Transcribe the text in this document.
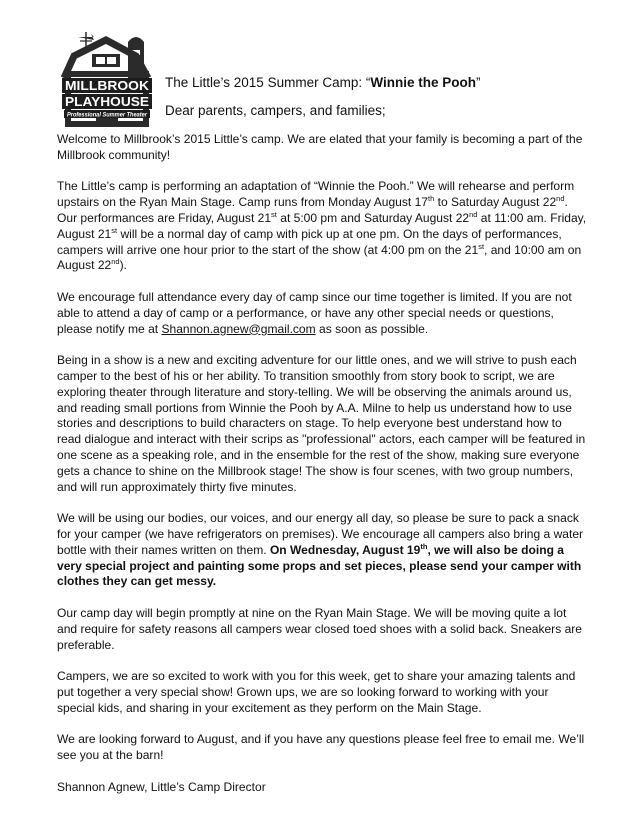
MILLBROOK
PLAYHOUSE
Professional Summer Theater
The Little’s 2015 Summer Camp: “Winnie the Pooh”
Dear parents, campers, and families;

Welcome to Millbrook’s 2015 Little’s camp. We are elated that your family is becoming a part of the Millbrook community!

The Little’s camp is performing an adaptation of “Winnie the Pooh.” We will rehearse and perform upstairs on the Ryan Main Stage. Camp runs from Monday August 17th to Saturday August 22nd. Our performances are Friday, August 21st at 5:00 pm and Saturday August 22nd at 11:00 am. Friday, August 21st will be a normal day of camp with pick up at one pm. On the days of performances, campers will arrive one hour prior to the start of the show (at 4:00 pm on the 21st, and 10:00 am on August 22nd).

We encourage full attendance every day of camp since our time together is limited. If you are not able to attend a day of camp or a performance, or have any other special needs or questions, please notify me at Shannon.agnew@gmail.com as soon as possible.

Being in a show is a new and exciting adventure for our little ones, and we will strive to push each camper to the best of his or her ability. To transition smoothly from story book to script, we are exploring theater through literature and story-telling. We will be observing the animals around us, and reading small portions from Winnie the Pooh by A.A. Milne to help us understand how to use stories and descriptions to build characters on stage. To help everyone best understand how to read dialogue and interact with their scrips as "professional" actors, each camper will be featured in one scene as a speaking role, and in the ensemble for the rest of the show, making sure everyone gets a chance to shine on the Millbrook stage! The show is four scenes, with two group numbers, and will run approximately thirty five minutes.

We will be using our bodies, our voices, and our energy all day, so please be sure to pack a snack for your camper (we have refrigerators on premises). We encourage all campers also bring a water bottle with their names written on them. On Wednesday, August 19th, we will also be doing a very special project and painting some props and set pieces, please send your camper with clothes they can get messy.

Our camp day will begin promptly at nine on the Ryan Main Stage. We will be moving quite a lot and require for safety reasons all campers wear closed toed shoes with a solid back. Sneakers are preferable.

Campers, we are so excited to work with you for this week, get to share your amazing talents and put together a very special show! Grown ups, we are so looking forward to working with your special kids, and sharing in your excitement as they perform on the Main Stage.

We are looking forward to August, and if you have any questions please feel free to email me. We’ll see you at the barn!

Shannon Agnew, Little’s Camp Director
